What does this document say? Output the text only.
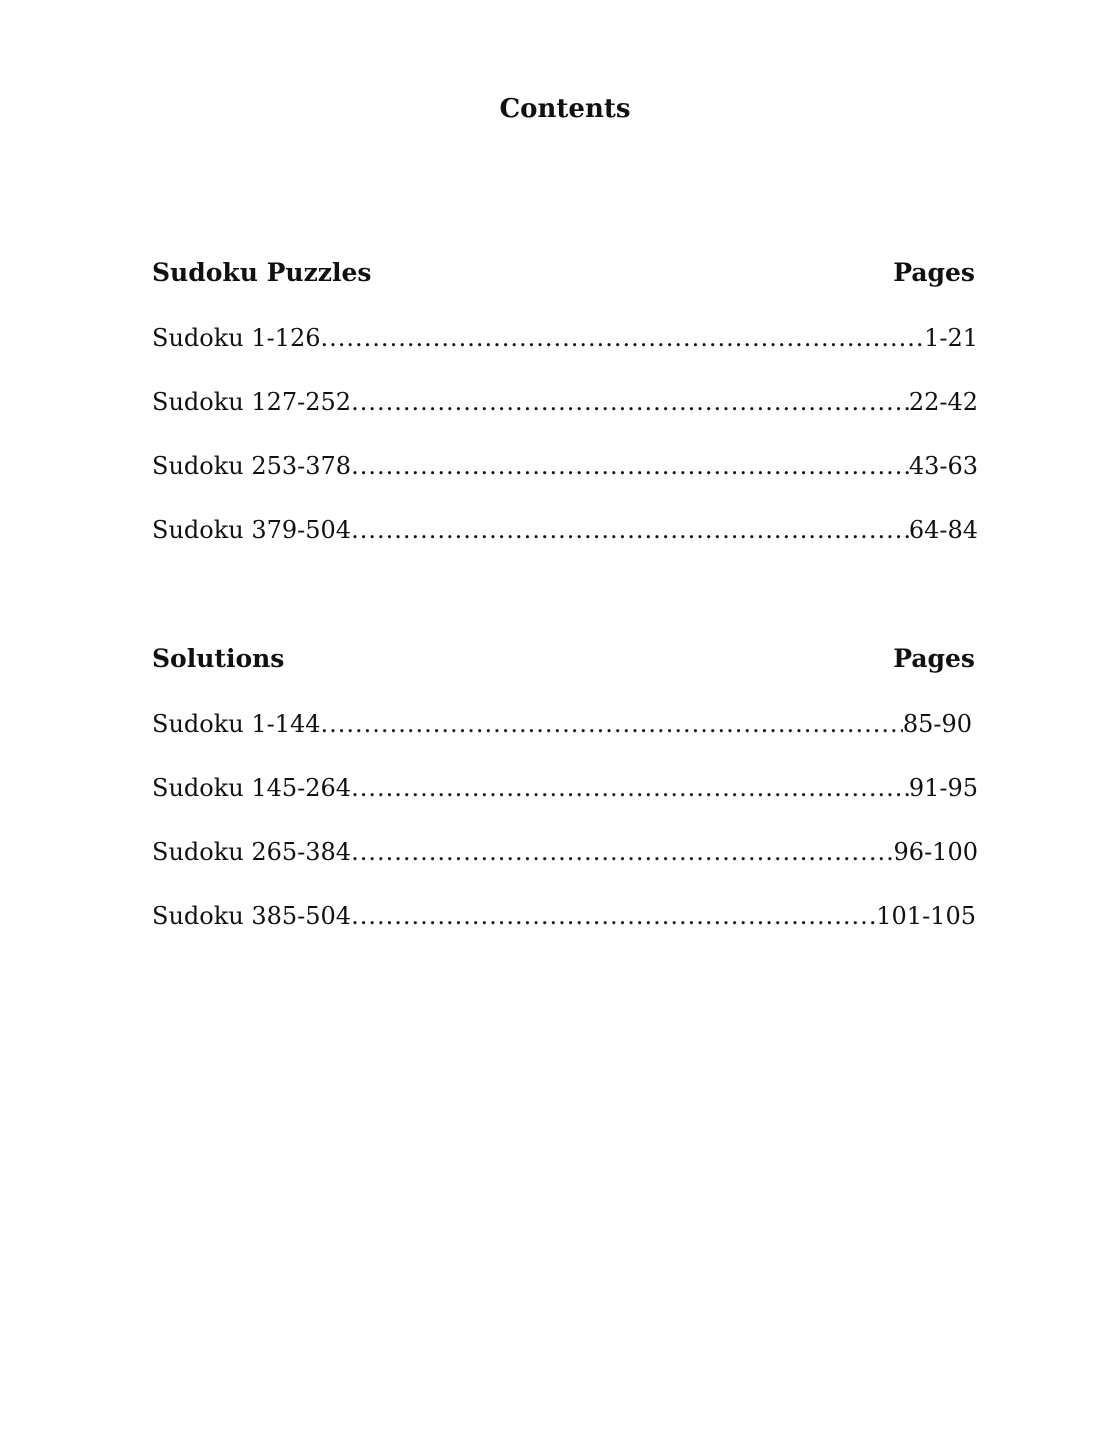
Contents
Sudoku Puzzles	Pages
Sudoku 1-126 .....	1-21
Sudoku 127-252 .....	22-42
Sudoku 253-378 .....	43-63
Sudoku 379-504 .....	64-84
Solutions	Pages
Sudoku 1-144 .....	85-90
Sudoku 145-264 .....	91-95
Sudoku 265-384 .....	96-100
Sudoku 385-504 .....	101-105
